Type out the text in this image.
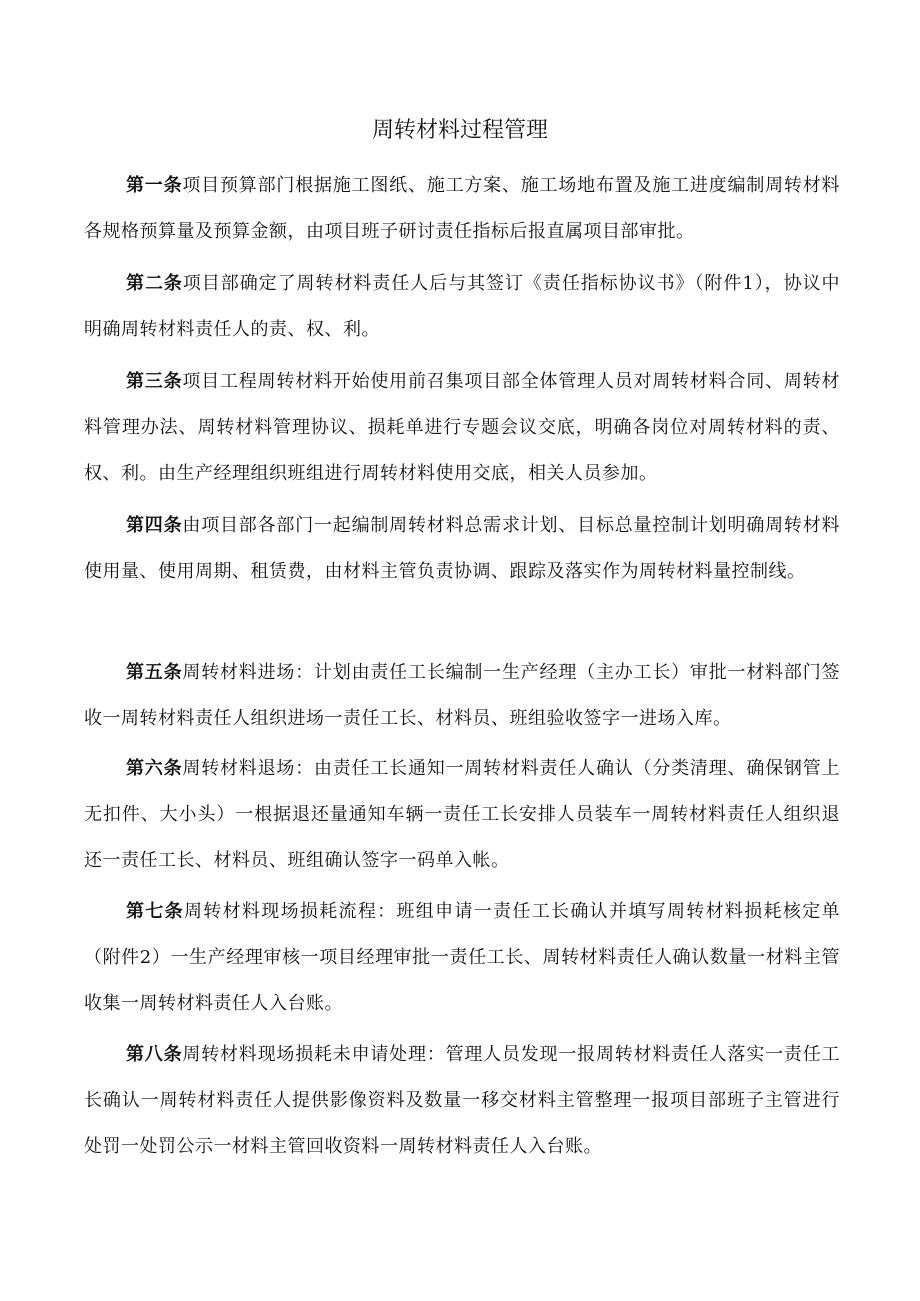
周转材料过程管理

第一条项目预算部门根据施工图纸、施工方案、施工场地布置及施工进度编制周转材料各规格预算量及预算金额，由项目班子研讨责任指标后报直属项目部审批。

第二条项目部确定了周转材料责任人后与其签订《责任指标协议书》（附件1），协议中明确周转材料责任人的责、权、利。

第三条项目工程周转材料开始使用前召集项目部全体管理人员对周转材料合同、周转材料管理办法、周转材料管理协议、损耗单进行专题会议交底，明确各岗位对周转材料的责、权、利。由生产经理组织班组进行周转材料使用交底，相关人员参加。

第四条由项目部各部门一起编制周转材料总需求计划、目标总量控制计划明确周转材料使用量、使用周期、租赁费，由材料主管负责协调、跟踪及落实作为周转材料量控制线。

第五条周转材料进场：计划由责任工长编制一生产经理（主办工长）审批一材料部门签收一周转材料责任人组织进场一责任工长、材料员、班组验收签字一进场入库。

第六条周转材料退场：由责任工长通知一周转材料责任人确认（分类清理、确保钢管上无扣件、大小头）一根据退还量通知车辆一责任工长安排人员装车一周转材料责任人组织退还一责任工长、材料员、班组确认签字一码单入帐。

第七条周转材料现场损耗流程：班组申请一责任工长确认并填写周转材料损耗核定单（附件2）一生产经理审核一项目经理审批一责任工长、周转材料责任人确认数量一材料主管收集一周转材料责任人入台账。

第八条周转材料现场损耗未申请处理：管理人员发现一报周转材料责任人落实一责任工长确认一周转材料责任人提供影像资料及数量一移交材料主管整理一报项目部班子主管进行处罚一处罚公示一材料主管回收资料一周转材料责任人入台账。
